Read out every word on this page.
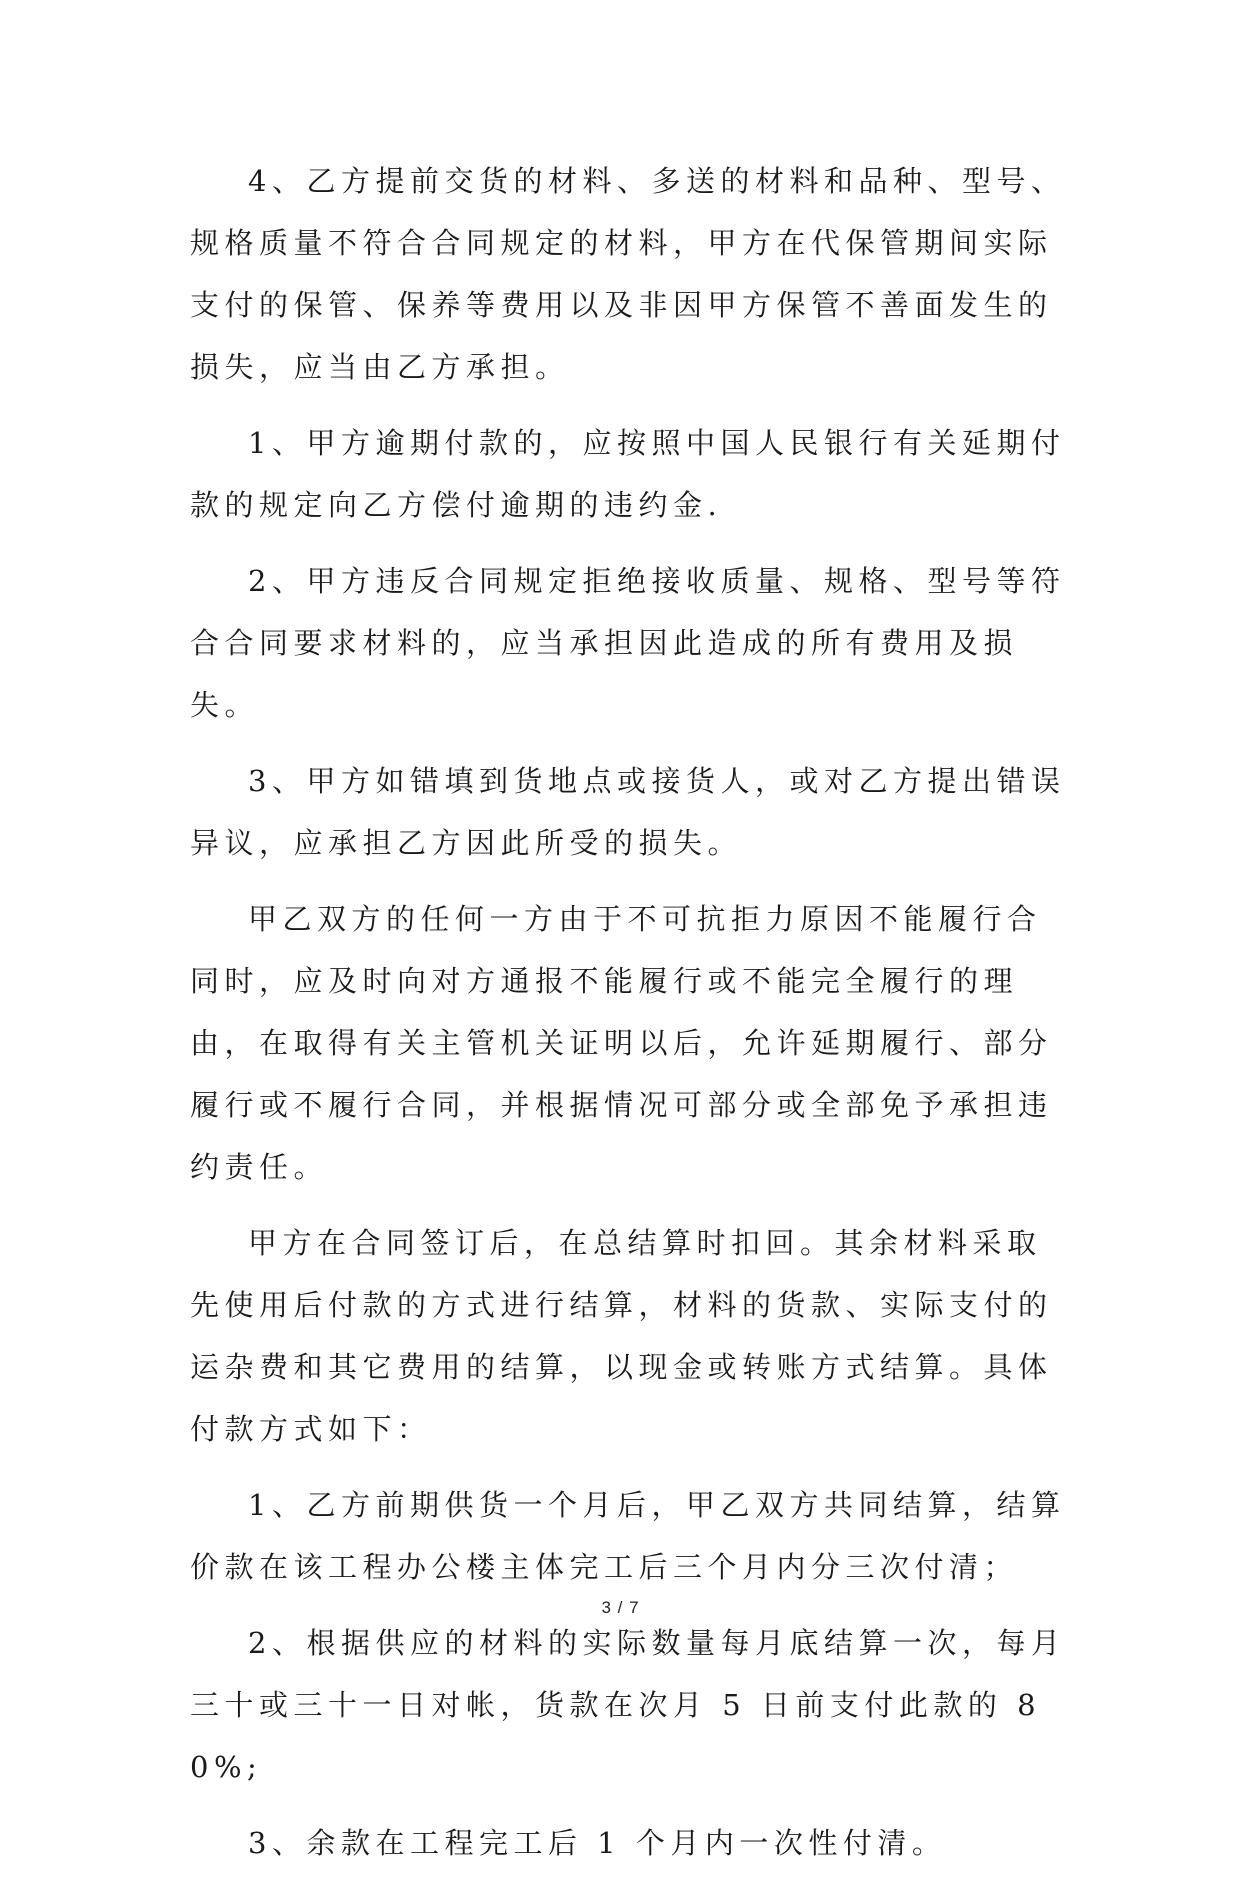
4、乙方提前交货的材料、多送的材料和品种、型号、规格质量不符合合同规定的材料，甲方在代保管期间实际支付的保管、保养等费用以及非因甲方保管不善面发生的损失，应当由乙方承担。

1、甲方逾期付款的，应按照中国人民银行有关延期付款的规定向乙方偿付逾期的违约金.

2、甲方违反合同规定拒绝接收质量、规格、型号等符合合同要求材料的，应当承担因此造成的所有费用及损失。

3、甲方如错填到货地点或接货人，或对乙方提出错误异议，应承担乙方因此所受的损失。

甲乙双方的任何一方由于不可抗拒力原因不能履行合同时，应及时向对方通报不能履行或不能完全履行的理由，在取得有关主管机关证明以后，允许延期履行、部分履行或不履行合同，并根据情况可部分或全部免予承担违约责任。

甲方在合同签订后，在总结算时扣回。其余材料采取先使用后付款的方式进行结算，材料的货款、实际支付的运杂费和其它费用的结算，以现金或转账方式结算。具体付款方式如下：

1、乙方前期供货一个月后，甲乙双方共同结算，结算价款在该工程办公楼主体完工后三个月内分三次付清；

2、根据供应的材料的实际数量每月底结算一次，每月三十或三十一日对帐，货款在次月 5 日前支付此款的 80%;

3、余款在工程完工后 1 个月内一次性付清。

3 / 7
